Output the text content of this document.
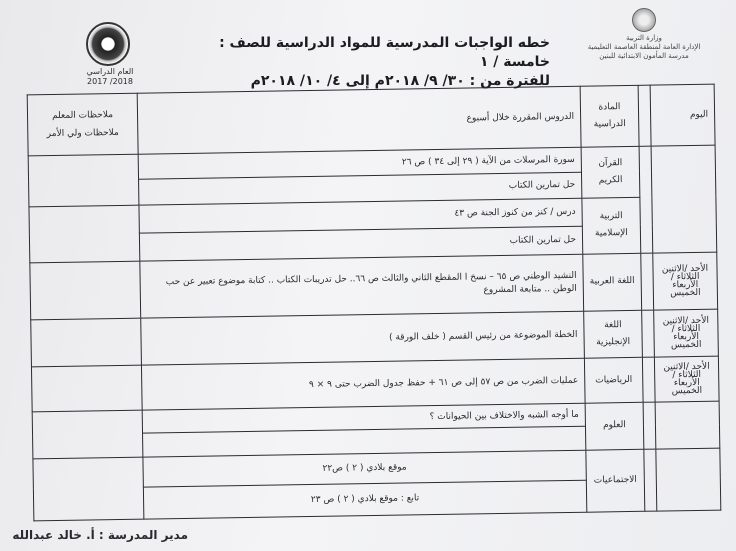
وزارة التربية
الإدارة العامة لمنطقة العاصمة التعليمية
مدرسة المأمون الابتدائية للبنين
العام الدراسي
2018/ 2017
خطه الواجبات المدرسية للمواد الدراسية للصف : خامسة / ١
للفترة من : ٣٠/ ٩/ ٢٠١٨م إلى ٤/ ١٠/ ٢٠١٨م
اليوم		المادة الدراسية	الدروس المقررة خلال أسبوع	ملاحظات المعلم
ملاحظات ولي الأمر

		القرآن الكريم	سورة المرسلات من الآية ( ٢٩ إلى ٣٤ ) ص ٢٦	
			حل تمارين الكتاب	
		التربية الإسلامية	درس / كنز من كنوز الجنة ص ٤٣	
			حل تمارين الكتاب	
الأحد /الاثنين الثلاثاء /الأربعاء الخميس		اللغة العربية	النشيد الوطني ص ٦٥ – نسخ ا المقطع الثاني والثالث ص ٦٦.. حل تدريبات الكتاب .. كتابة موضوع تعبير عن حب الوطن .. متابعة المشروع	
الأحد /الاثنين الثلاثاء /الأربعاء الخميس		اللغة الإنجليزية	الخطة الموضوعة من رئيس القسم ( خلف الورقة )	
الأحد /الاثنين الثلاثاء /الأربعاء الخميس		الرياضيات	عمليات الضرب من ص ٥٧ إلى ص ٦١ + حفظ جدول الضرب حتى ٩ × ٩	
		العلوم	ما أوجه الشبه والاختلاف بين الحيوانات ؟	

		الاجتماعيات	موقع بلادي ( ٢ ) ص٢٢	
			تابع : موقع بلادي ( ٢ ) ص ٢٣	
مدير المدرسة : أ. خالد عبدالله
